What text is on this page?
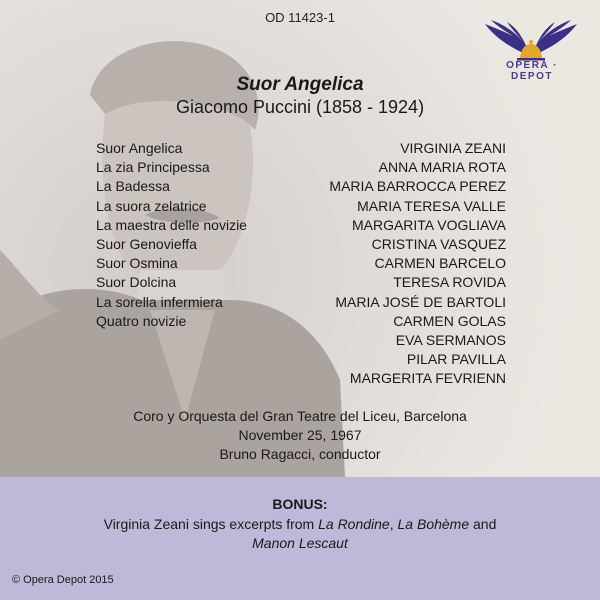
OD 11423-1
OPERA · DEPOT
Suor Angelica
Giacomo Puccini (1858 - 1924)
Suor Angelica	VIRGINIA ZEANI
La zia Principessa	ANNA MARIA ROTA
La Badessa	MARIA BARROCCA PEREZ
La suora zelatrice	MARIA TERESA VALLE
La maestra delle novizie	MARGARITA VOGLIAVA
Suor Genovieffa	CRISTINA VASQUEZ
Suor Osmina	CARMEN BARCELO
Suor Dolcina	TERESA ROVIDA
La sorella infermiera	MARIA JOSÉ DE BARTOLI
Quatro novizie	CARMEN GOLAS
EVA SERMANOS
PILAR PAVILLA
MARGERITA FEVRIENN
Coro y Orquesta del Gran Teatre del Liceu, Barcelona
November 25, 1967
Bruno Ragacci, conductor
BONUS:
Virginia Zeani sings excerpts from La Rondine, La Bohème and
Manon Lescaut
© Opera Depot 2015
